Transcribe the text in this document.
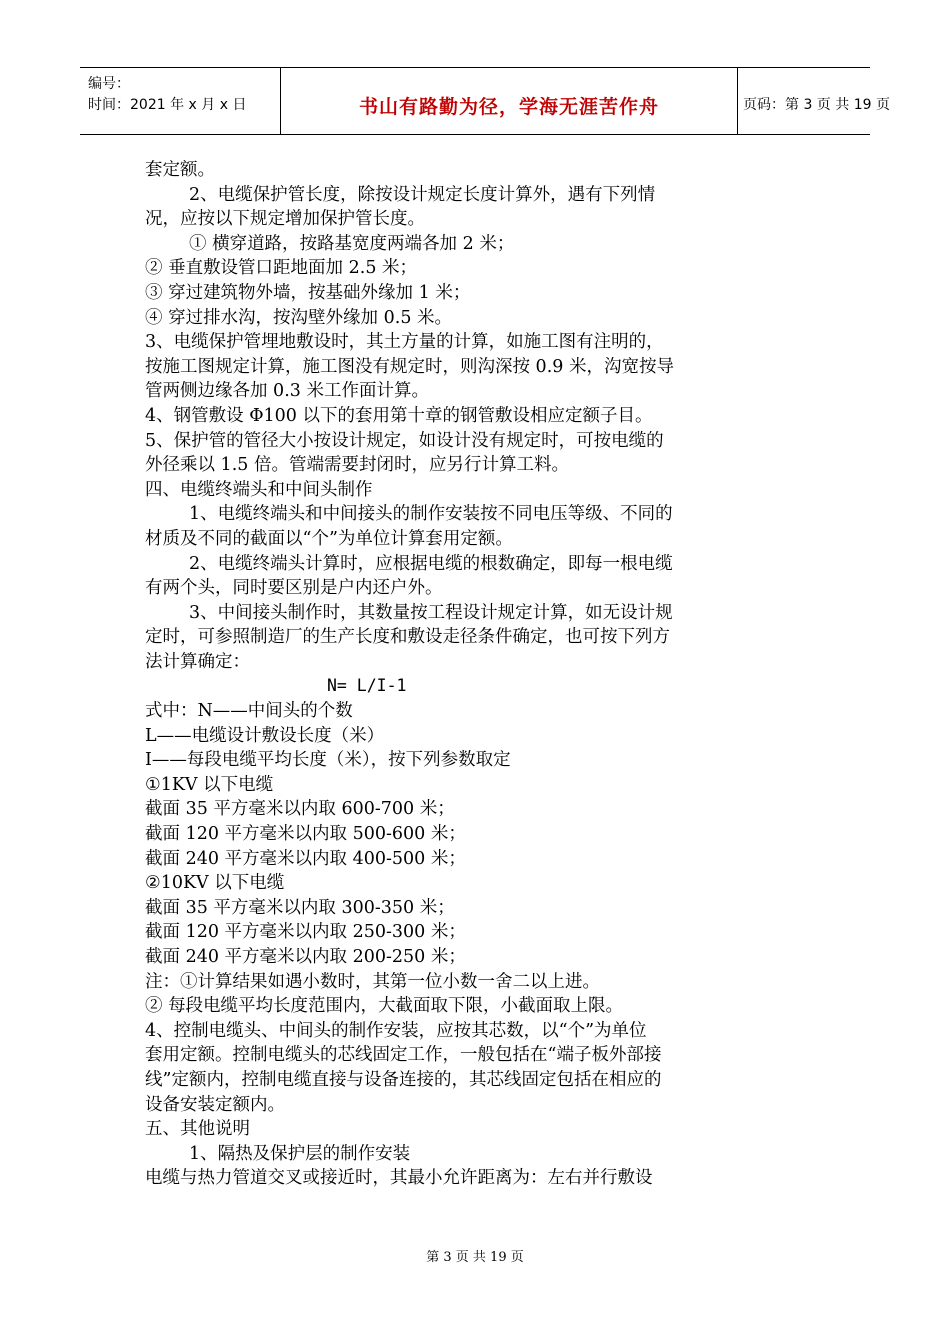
编号：
时间：2021 年 x 月 x 日	书山有路勤为径，学海无涯苦作舟	页码：第 3 页 共 19 页
套定额。
2、电缆保护管长度，除按设计规定长度计算外，遇有下列情
况，应按以下规定增加保护管长度。
① 横穿道路，按路基宽度两端各加 2 米；
② 垂直敷设管口距地面加 2.5 米；
③ 穿过建筑物外墙，按基础外缘加 1 米；
④ 穿过排水沟，按沟壁外缘加 0.5 米。
3、电缆保护管埋地敷设时，其土方量的计算，如施工图有注明的，
按施工图规定计算，施工图没有规定时，则沟深按 0.9 米，沟宽按导
管两侧边缘各加 0.3 米工作面计算。
4、钢管敷设 Φ100 以下的套用第十章的钢管敷设相应定额子目。
5、保护管的管径大小按设计规定，如设计没有规定时，可按电缆的
外径乘以 1.5 倍。管端需要封闭时，应另行计算工料。
四、电缆终端头和中间头制作
1、电缆终端头和中间接头的制作安装按不同电压等级、不同的
材质及不同的截面以“个”为单位计算套用定额。
2、电缆终端头计算时，应根据电缆的根数确定，即每一根电缆
有两个头，同时要区别是户内还户外。
3、中间接头制作时，其数量按工程设计规定计算，如无设计规
定时，可参照制造厂的生产长度和敷设走径条件确定，也可按下列方
法计算确定：
N= L/I-1
式中：N——中间头的个数
L——电缆设计敷设长度（米）
I——每段电缆平均长度（米），按下列参数取定
①1KV 以下电缆
截面 35 平方毫米以内取 600-700 米；
截面 120 平方毫米以内取 500-600 米；
截面 240 平方毫米以内取 400-500 米；
②10KV 以下电缆
截面 35 平方毫米以内取 300-350 米；
截面 120 平方毫米以内取 250-300 米；
截面 240 平方毫米以内取 200-250 米；
注：①计算结果如遇小数时，其第一位小数一舍二以上进。
② 每段电缆平均长度范围内，大截面取下限，小截面取上限。
4、控制电缆头、中间头的制作安装，应按其芯数，以“个”为单位
套用定额。控制电缆头的芯线固定工作，一般包括在“端子板外部接
线”定额内，控制电缆直接与设备连接的，其芯线固定包括在相应的
设备安装定额内。
五、其他说明
1、隔热及保护层的制作安装
电缆与热力管道交叉或接近时，其最小允许距离为：左右并行敷设
第 3 页 共 19 页
